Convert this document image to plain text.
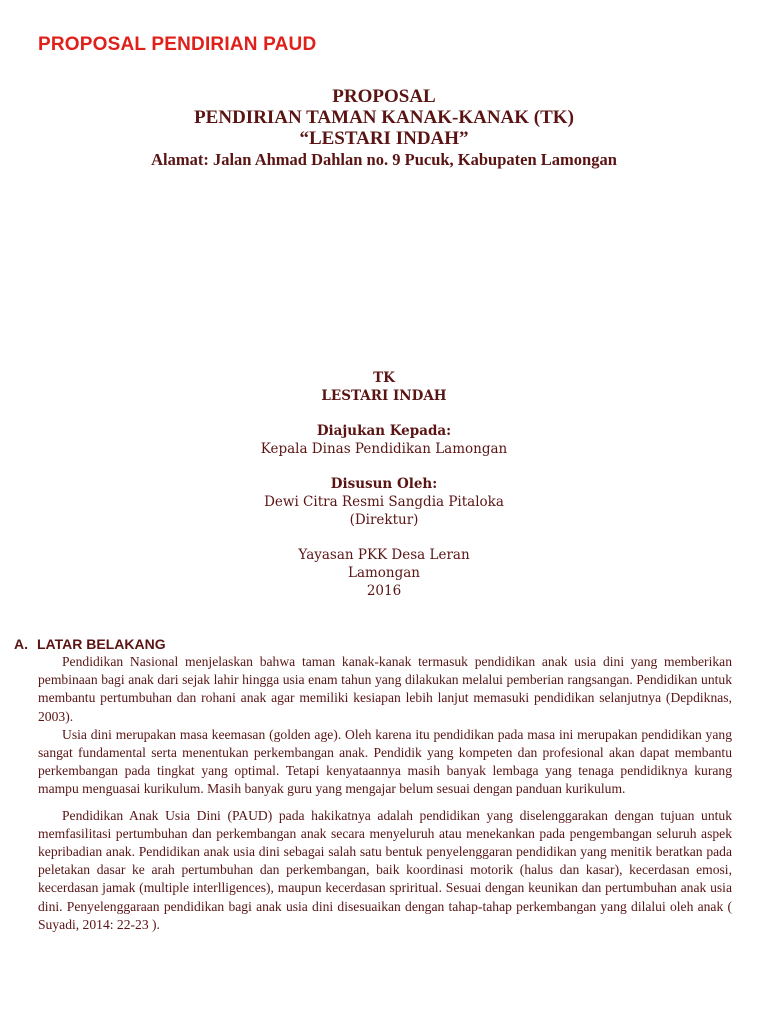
PROPOSAL PENDIRIAN PAUD
PROPOSAL
PENDIRIAN TAMAN KANAK-KANAK (TK)
“LESTARI INDAH”
Alamat: Jalan Ahmad Dahlan no. 9 Pucuk, Kabupaten Lamongan
TK
LESTARI INDAH
Diajukan Kepada:
Kepala Dinas Pendidikan Lamongan
Disusun Oleh:
Dewi Citra Resmi Sangdia Pitaloka
(Direktur)
Yayasan PKK Desa Leran
Lamongan
2016
A. LATAR BELAKANG

Pendidikan Nasional menjelaskan bahwa taman kanak-kanak termasuk pendidikan anak usia dini yang memberikan pembinaan bagi anak dari sejak lahir hingga usia enam tahun yang dilakukan melalui pemberian rangsangan. Pendidikan untuk membantu pertumbuhan dan rohani anak agar memiliki kesiapan lebih lanjut memasuki pendidikan selanjutnya (Depdiknas, 2003).

Usia dini merupakan masa keemasan (golden age). Oleh karena itu pendidikan pada masa ini merupakan pendidikan yang sangat fundamental serta menentukan perkembangan anak. Pendidik yang kompeten dan profesional akan dapat membantu perkembangan pada tingkat yang optimal. Tetapi kenyataannya masih banyak lembaga yang tenaga pendidiknya kurang mampu menguasai kurikulum. Masih banyak guru yang mengajar belum sesuai dengan panduan kurikulum.

Pendidikan Anak Usia Dini (PAUD) pada hakikatnya adalah pendidikan yang diselenggarakan dengan tujuan untuk memfasilitasi pertumbuhan dan perkembangan anak secara menyeluruh atau menekankan pada pengembangan seluruh aspek kepribadian anak. Pendidikan anak usia dini sebagai salah satu bentuk penyelenggaran pendidikan yang menitik beratkan pada peletakan dasar ke arah pertumbuhan dan perkembangan, baik koordinasi motorik (halus dan kasar), kecerdasan emosi, kecerdasan jamak (multiple interlligences), maupun kecerdasan spriritual. Sesuai dengan keunikan dan pertumbuhan anak usia dini. Penyelenggaraan pendidikan bagi anak usia dini disesuaikan dengan tahap-tahap perkembangan yang dilalui oleh anak ( Suyadi, 2014: 22-23 ).
